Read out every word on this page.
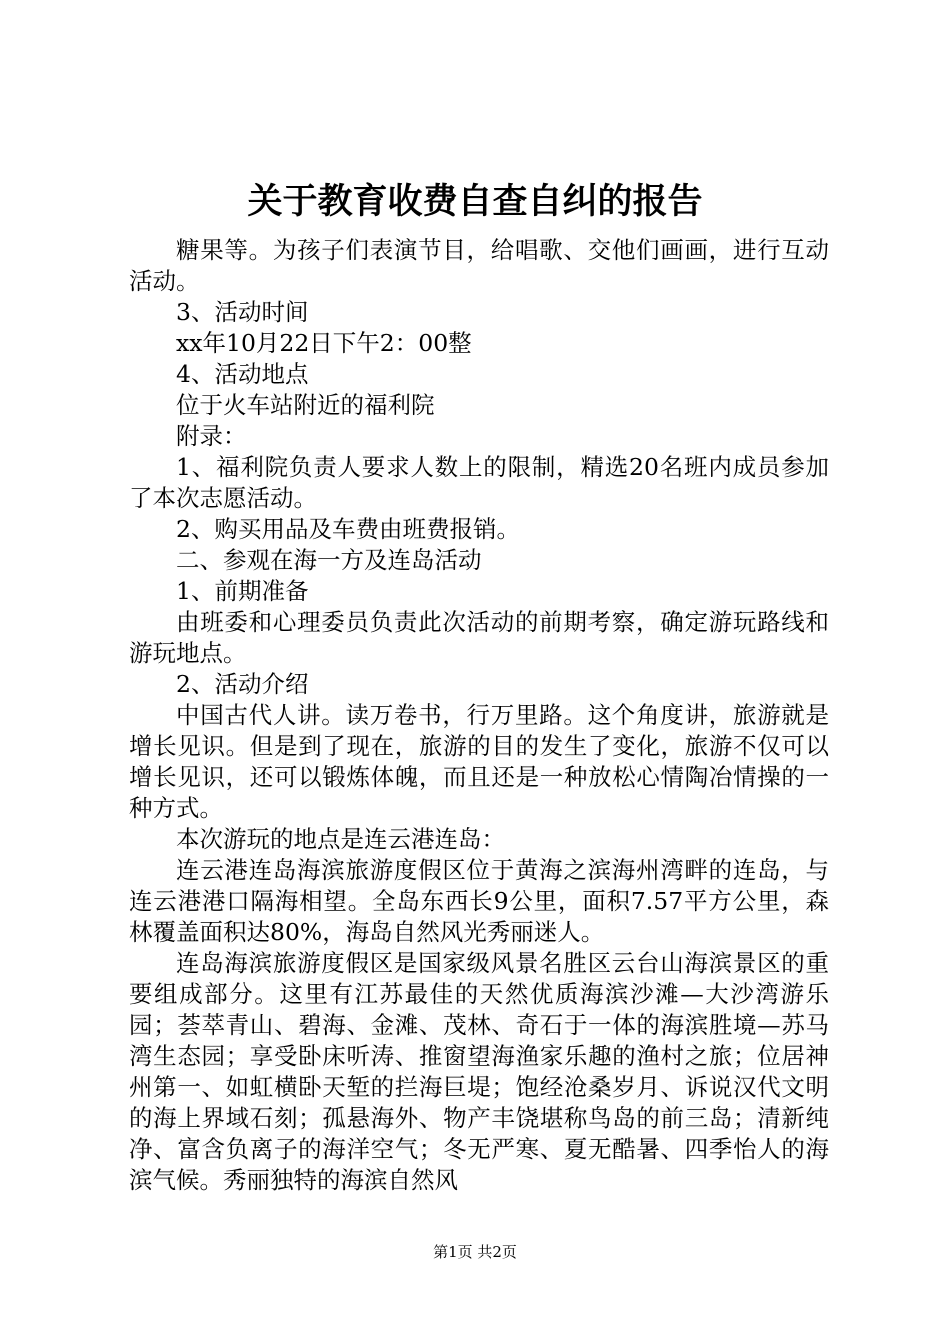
关于教育收费自查自纠的报告

糖果等。为孩子们表演节目，给唱歌、交他们画画，进行互动活动。

3、活动时间

xx年10月22日下午2：00整

4、活动地点

位于火车站附近的福利院

附录：

1、福利院负责人要求人数上的限制，精选20名班内成员参加了本次志愿活动。

2、购买用品及车费由班费报销。

二、参观在海一方及连岛活动

1、前期准备

由班委和心理委员负责此次活动的前期考察，确定游玩路线和游玩地点。

2、活动介绍

中国古代人讲。读万卷书，行万里路。这个角度讲，旅游就是增长见识。但是到了现在，旅游的目的发生了变化，旅游不仅可以增长见识，还可以锻炼体魄，而且还是一种放松心情陶冶情操的一种方式。

本次游玩的地点是连云港连岛：

连云港连岛海滨旅游度假区位于黄海之滨海州湾畔的连岛，与连云港港口隔海相望。全岛东西长9公里，面积7.57平方公里，森林覆盖面积达80%，海岛自然风光秀丽迷人。

连岛海滨旅游度假区是国家级风景名胜区云台山海滨景区的重要组成部分。这里有江苏最佳的天然优质海滨沙滩—大沙湾游乐园；荟萃青山、碧海、金滩、茂林、奇石于一体的海滨胜境—苏马湾生态园；享受卧床听涛、推窗望海渔家乐趣的渔村之旅；位居神州第一、如虹横卧天堑的拦海巨堤；饱经沧桑岁月、诉说汉代文明的海上界域石刻；孤悬海外、物产丰饶堪称鸟岛的前三岛；清新纯净、富含负离子的海洋空气；冬无严寒、夏无酷暑、四季怡人的海滨气候。秀丽独特的海滨自然风

第1页 共2页
